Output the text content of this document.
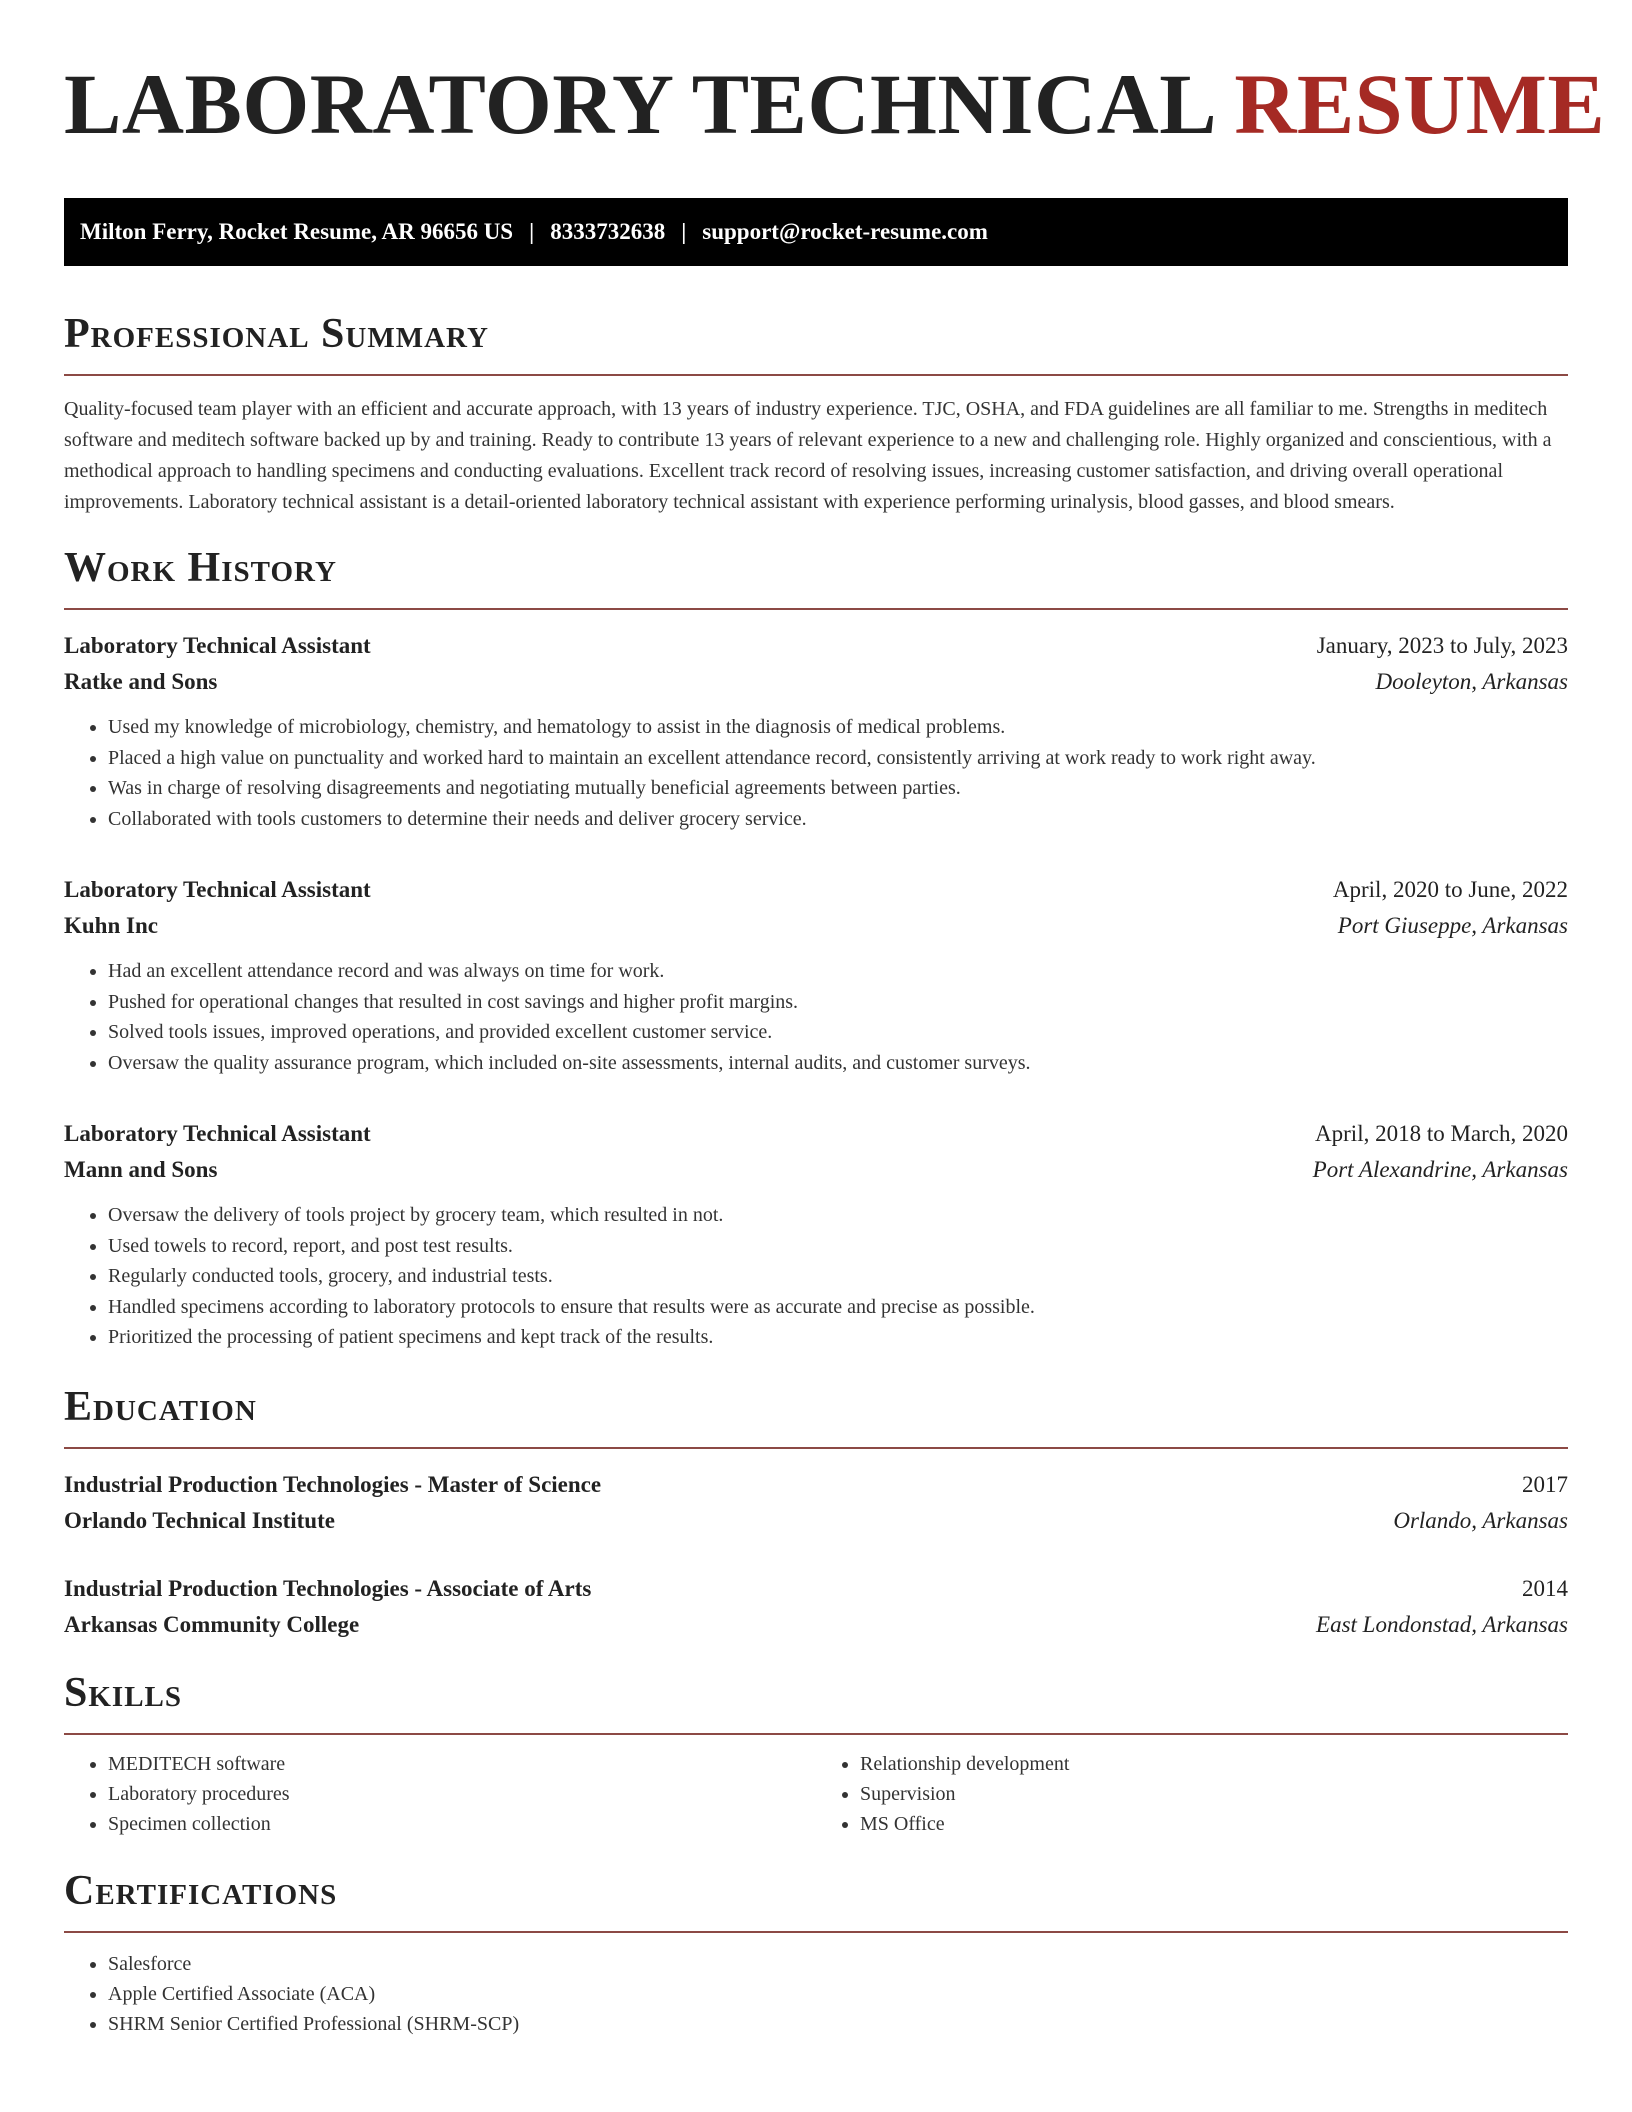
LABORATORY TECHNICAL RESUME
Milton Ferry, Rocket Resume, AR 96656 US | 8333732638 | support@rocket-resume.com
Professional Summary

Quality-focused team player with an efficient and accurate approach, with 13 years of industry experience. TJC, OSHA, and FDA guidelines are all familiar to me. Strengths in meditech software and meditech software backed up by and training. Ready to contribute 13 years of relevant experience to a new and challenging role. Highly organized and conscientious, with a methodical approach to handling specimens and conducting evaluations. Excellent track record of resolving issues, increasing customer satisfaction, and driving overall operational improvements. Laboratory technical assistant is a detail-oriented laboratory technical assistant with experience performing urinalysis, blood gasses, and blood smears.

Work History
Laboratory Technical Assistant	January, 2023 to July, 2023
Ratke and Sons	Dooleyton, Arkansas
• Used my knowledge of microbiology, chemistry, and hematology to assist in the diagnosis of medical problems.
• Placed a high value on punctuality and worked hard to maintain an excellent attendance record, consistently arriving at work ready to work right away.
• Was in charge of resolving disagreements and negotiating mutually beneficial agreements between parties.
• Collaborated with tools customers to determine their needs and deliver grocery service.
Laboratory Technical Assistant	April, 2020 to June, 2022
Kuhn Inc	Port Giuseppe, Arkansas
• Had an excellent attendance record and was always on time for work.
• Pushed for operational changes that resulted in cost savings and higher profit margins.
• Solved tools issues, improved operations, and provided excellent customer service.
• Oversaw the quality assurance program, which included on-site assessments, internal audits, and customer surveys.
Laboratory Technical Assistant	April, 2018 to March, 2020
Mann and Sons	Port Alexandrine, Arkansas
• Oversaw the delivery of tools project by grocery team, which resulted in not.
• Used towels to record, report, and post test results.
• Regularly conducted tools, grocery, and industrial tests.
• Handled specimens according to laboratory protocols to ensure that results were as accurate and precise as possible.
• Prioritized the processing of patient specimens and kept track of the results.
Education
Industrial Production Technologies - Master of Science	2017
Orlando Technical Institute	Orlando, Arkansas
Industrial Production Technologies - Associate of Arts	2014
Arkansas Community College	East Londonstad, Arkansas
Skills
• MEDITECH software
• Laboratory procedures
• Specimen collection
• Relationship development
• Supervision
• MS Office
Certifications
• Salesforce
• Apple Certified Associate (ACA)
• SHRM Senior Certified Professional (SHRM-SCP)
